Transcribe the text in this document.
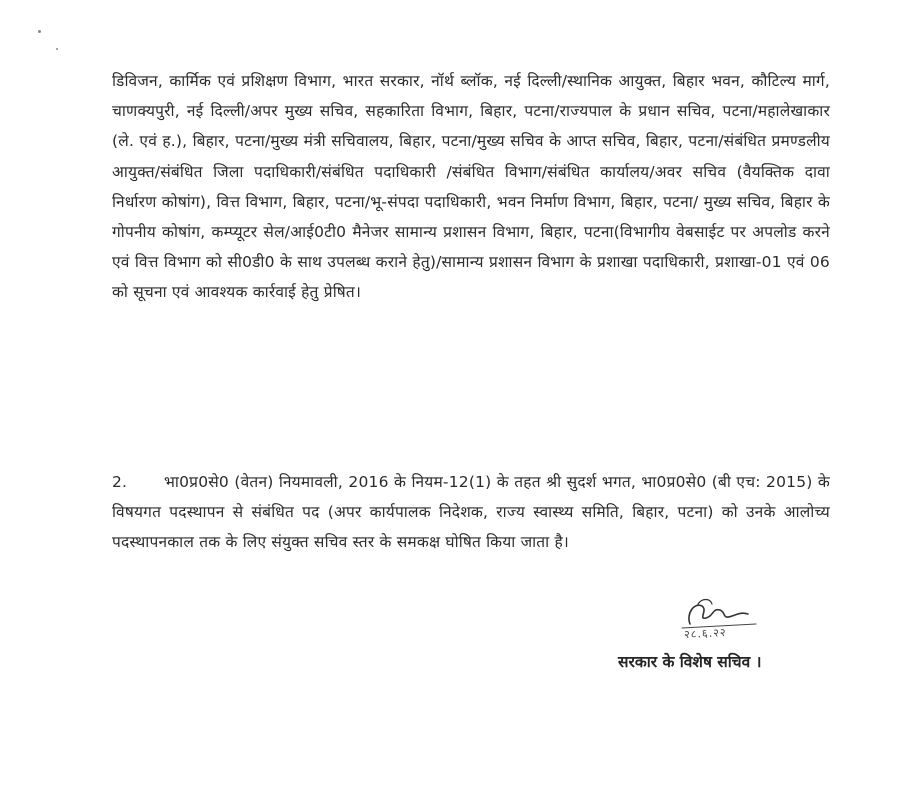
डिविजन, कार्मिक एवं प्रशिक्षण विभाग, भारत सरकार, नॉर्थ ब्लॉक, नई दिल्ली/स्थानिक आयुक्त, बिहार भवन, कौटिल्य मार्ग, चाणक्यपुरी, नई दिल्ली/अपर मुख्य सचिव, सहकारिता विभाग, बिहार, पटना/राज्यपाल के प्रधान सचिव, पटना/महालेखाकार (ले. एवं ह.), बिहार, पटना/मुख्य मंत्री सचिवालय, बिहार, पटना/मुख्य सचिव के आप्त सचिव, बिहार, पटना/संबंधित प्रमण्डलीय आयुक्त/संबंधित जिला पदाधिकारी/संबंधित पदाधिकारी /संबंधित विभाग/संबंधित कार्यालय/अवर सचिव (वैयक्तिक दावा निर्धारण कोषांग), वित्त विभाग, बिहार, पटना/भू-संपदा पदाधिकारी, भवन निर्माण विभाग, बिहार, पटना/ मुख्य सचिव, बिहार के गोपनीय कोषांग, कम्प्यूटर सेल/आई0टी0 मैनेजर सामान्य प्रशासन विभाग, बिहार, पटना(विभागीय वेबसाईट पर अपलोड करने एवं वित्त विभाग को सी0डी0 के साथ उपलब्ध कराने हेतु)/सामान्य प्रशासन विभाग के प्रशाखा पदाधिकारी, प्रशाखा-01 एवं 06 को सूचना एवं आवश्यक कार्रवाई हेतु प्रेषित।
2. भा0प्र0से0 (वेतन) नियमावली, 2016 के नियम-12(1) के तहत श्री सुदर्श भगत, भा0प्र0से0 (बी एच: 2015) के विषयगत पदस्थापन से संबंधित पद (अपर कार्यपालक निदेशक, राज्य स्वास्थ्य समिति, बिहार, पटना) को उनके आलोच्य पदस्थापनकाल तक के लिए संयुक्त सचिव स्तर के समकक्ष घोषित किया जाता है।
२८.६.२२
सरकार के विशेष सचिव ।
